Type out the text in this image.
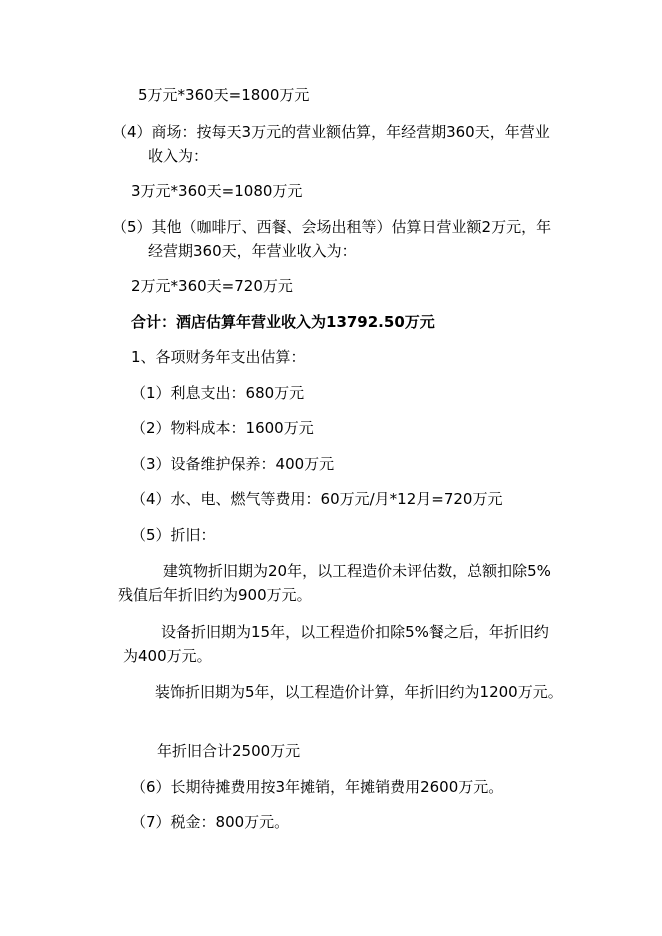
5万元*360天=1800万元
（4）商场：按每天3万元的营业额估算，年经营期360天，年营业
收入为：
3万元*360天=1080万元
（5）其他（咖啡厅、西餐、会场出租等）估算日营业额2万元，年
经营期360天，年营业收入为：
2万元*360天=720万元
合计：酒店估算年营业收入为13792.50万元
1、各项财务年支出估算：
（1）利息支出：680万元
（2）物料成本：1600万元
（3）设备维护保养：400万元
（4）水、电、燃气等费用：60万元/月*12月=720万元
（5）折旧：
建筑物折旧期为20年，以工程造价未评估数，总额扣除5%
残值后年折旧约为900万元。
设备折旧期为15年，以工程造价扣除5%餐之后，年折旧约
为400万元。
装饰折旧期为5年，以工程造价计算，年折旧约为1200万元。
年折旧合计2500万元
（6）长期待摊费用按3年摊销，年摊销费用2600万元。
（7）税金：800万元。
